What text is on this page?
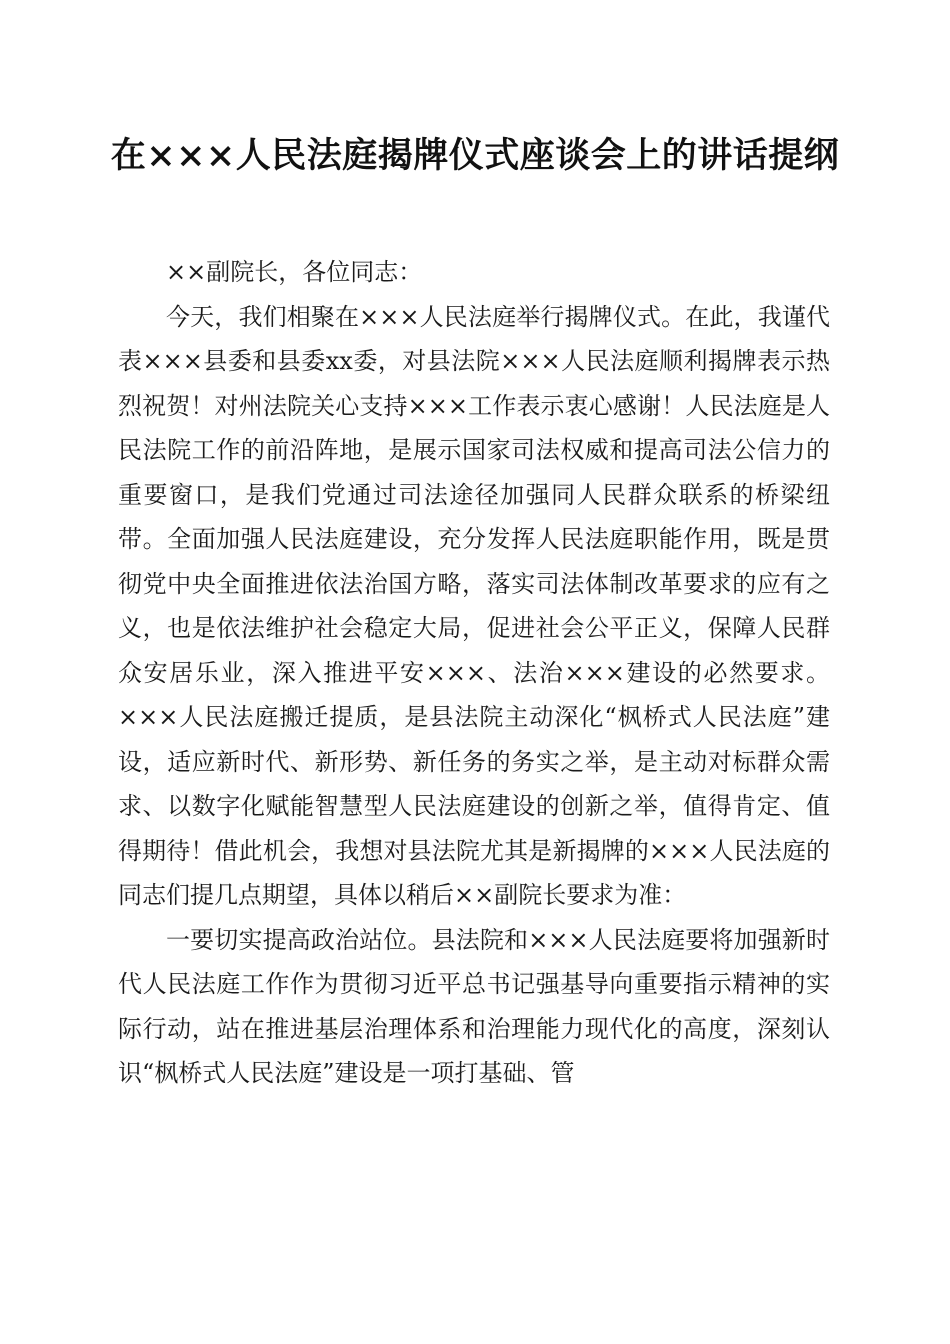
在×××人民法庭揭牌仪式座谈会上的讲话提纲

××副院长，各位同志：

今天，我们相聚在×××人民法庭举行揭牌仪式。在此，我谨代表×××县委和县委xx委，对县法院×××人民法庭顺利揭牌表示热烈祝贺！对州法院关心支持×××工作表示衷心感谢！人民法庭是人民法院工作的前沿阵地，是展示国家司法权威和提高司法公信力的重要窗口，是我们党通过司法途径加强同人民群众联系的桥梁纽带。全面加强人民法庭建设，充分发挥人民法庭职能作用，既是贯彻党中央全面推进依法治国方略，落实司法体制改革要求的应有之义，也是依法维护社会稳定大局，促进社会公平正义，保障人民群众安居乐业，深入推进平安×××、法治×××建设的必然要求。×××人民法庭搬迁提质，是县法院主动深化“枫桥式人民法庭”建设，适应新时代、新形势、新任务的务实之举，是主动对标群众需求、以数字化赋能智慧型人民法庭建设的创新之举，值得肯定、值得期待！借此机会，我想对县法院尤其是新揭牌的×××人民法庭的同志们提几点期望，具体以稍后××副院长要求为准：

一要切实提高政治站位。县法院和×××人民法庭要将加强新时代人民法庭工作作为贯彻习近平总书记强基导向重要指示精神的实际行动，站在推进基层治理体系和治理能力现代化的高度，深刻认识“枫桥式人民法庭”建设是一项打基础、管
